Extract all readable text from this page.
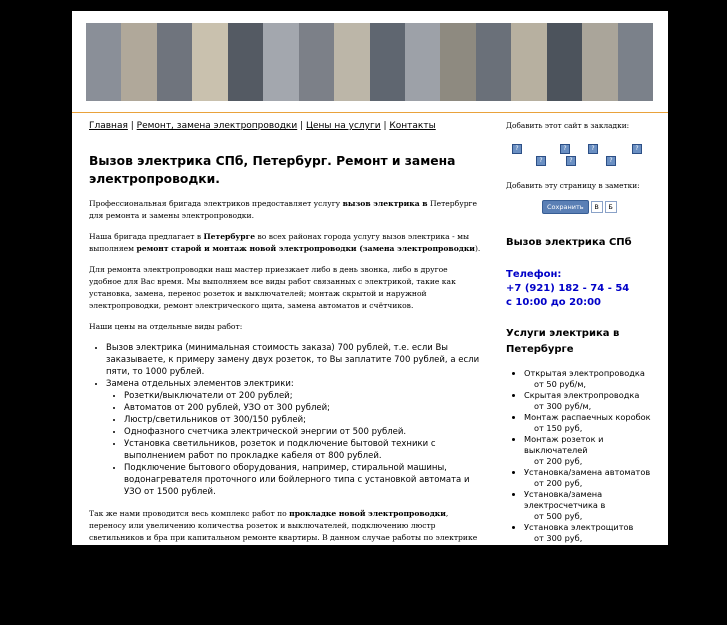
Главная | Ремонт, замена электропроводки | Цены на услуги | Контакты
Вызов электрика СПб, Петербург. Ремонт и замена электропроводки.

Профессиональная бригада электриков предоставляет услугу вызов электрика в Петербурге для ремонта и замены электропроводки.

Наша бригада предлагает в Петербурге во всех районах города услугу вызов электрика - мы выполняем ремонт старой и монтаж новой электропроводки (замена электропроводки).

Для ремонта электропроводки наш мастер приезжает либо в день звонка, либо в другое удобное для Вас время. Мы выполняем все виды работ связанных с электрикой, такие как установка, замена, перенос розеток и выключателей; монтаж скрытой и наружной электропроводки, ремонт электрического щита, замена автоматов и счётчиков.

Наши цены на отдельные виды работ:

• Вызов электрика (минимальная стоимость заказа) 700 рублей, т.е. если Вы заказываете, к примеру замену двух розеток, то Вы заплатите 700 рублей, а если пяти, то 1000 рублей.
• Замена отдельных элементов электрики:
• Розетки/выключатели от 200 рублей;
• Автоматов от 200 рублей, УЗО от 300 рублей;
• Люстр/светильников от 300/150 рублей;
• Однофазного счетчика электрической энергии от 500 рублей.
• Установка светильников, розеток и подключение бытовой техники с выполнением работ по прокладке кабеля от 800 рублей.
• Подключение бытового оборудования, например, стиральной машины, водонагревателя проточного или бойлерного типа с установкой автомата и УЗО от 1500 рублей.

Так же нами проводится весь комплекс работ по прокладке новой электропроводки, переносу или увеличению количества розеток и выключателей, подключению люстр светильников и бра при капитальном ремонте квартиры. В данном случае работы по электрике разбиваются на несколько этапов:

1. Составление плана размещения розеток, выключателей, осветительных приборов и другого электрического оборудования и электрической схемы.
2. Монтажные работы:
• Монтаж скрытой электропроводки связанный со штроблением. Этот вид работ следует
Добавить этот сайт в закладки:
?	?	?	?
?	?	?
Добавить эту страницу в заметки:
Сохранить	В	Б
Вызов электрика СПб
Телефон:
+7 (921) 182 - 74 - 54
с 10:00 до 20:00
Услуги электрика в Петербурге
• Открытая электропроводка
от 50 руб/м,
• Скрытая электропроводка
от 300 руб/м,
• Монтаж распаечных коробок
от 150 руб,
• Монтаж розеток и выключателей
от 200 руб,
• Установка/замена автоматов
от 200 руб,
• Установка/замена электросчетчика в
от 500 руб,
• Установка электрощитов
от 300 руб,
• Монтаж электрощитов
